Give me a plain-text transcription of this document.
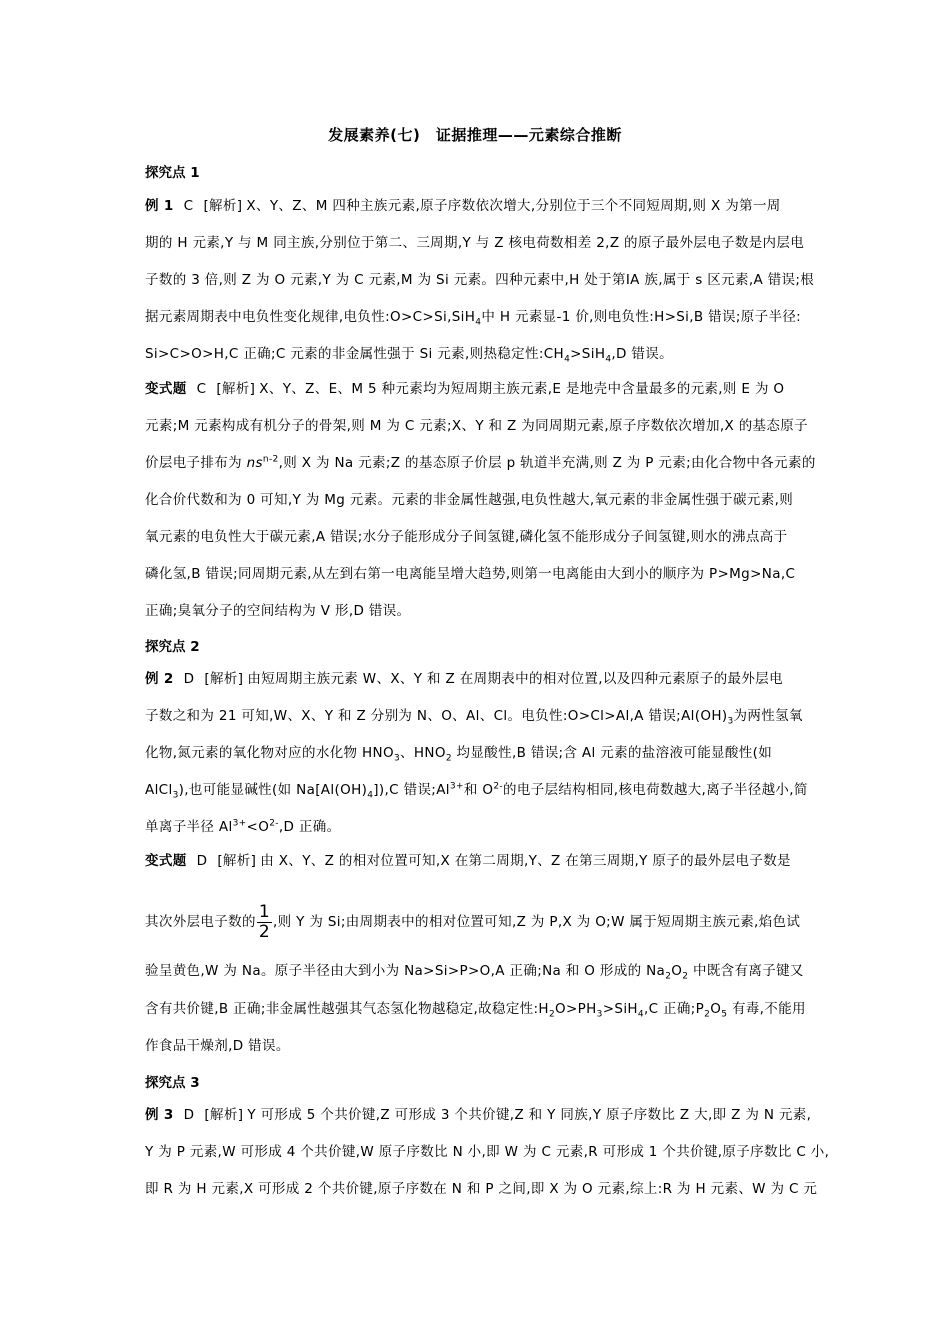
发展素养(七)　证据推理——元素综合推断
探究点 1
例 1 C [解析] X、Y、Z、M 四种主族元素,原子序数依次增大,分别位于三个不同短周期,则 X 为第一周
期的 H 元素,Y 与 M 同主族,分别位于第二、三周期,Y 与 Z 核电荷数相差 2,Z 的原子最外层电子数是内层电
子数的 3 倍,则 Z 为 O 元素,Y 为 C 元素,M 为 Si 元素。四种元素中,H 处于第ⅠA 族,属于 s 区元素,A 错误;根
据元素周期表中电负性变化规律,电负性:O>C>Si,SiH$_4$中 H 元素显-1 价,则电负性:H>Si,B 错误;原子半径:
Si>C>O>H,C 正确;C 元素的非金属性强于 Si 元素,则热稳定性$:CH_4>SiH_4,D$ 错误。
变式题 C [解析] X、Y、Z、E、M 5 种元素均为短周期主族元素,E 是地壳中含量最多的元素,则 E 为 O
元素;M 元素构成有机分子的骨架,则 M 为 C 元素;X、Y 和 Z 为同周期元素,原子序数依次增加,X 的基态原子
价层电子排布为 $ns^{n-2}$,则 X 为 Na 元素;Z 的基态原子价层 p 轨道半充满,则 Z 为 P 元素;由化合物中各元素的
化合价代数和为 0 可知,Y 为 Mg 元素。元素的非金属性越强,电负性越大,氧元素的非金属性强于碳元素,则
氧元素的电负性大于碳元素,A 错误;水分子能形成分子间氢键,磷化氢不能形成分子间氢键,则水的沸点高于
磷化氢,B 错误;同周期元素,从左到右第一电离能呈增大趋势,则第一电离能由大到小的顺序为 P>Mg>Na,C
正确;臭氧分子的空间结构为 V 形,D 错误。
探究点 2
例 2 D [解析] 由短周期主族元素 W、X、Y 和 Z 在周期表中的相对位置,以及四种元素原子的最外层电
子数之和为 21 可知,W、X、Y 和 Z 分别为 N、O、Al、Cl。电负性:O>Cl>Al,A 错误$;Al(OH)_3$为两性氢氧
化物,氮元素的氧化物对应的水化物 $HNO_3$、$HNO_2$ 均显酸性,B 错误;含 Al 元素的盐溶液可能显酸性(如
AlCl$_3$),也可能显碱性(如 $Na[Al(OH)_4]),C$ 错误$;Al^{3+}$和 $O^{2-}$的电子层结构相同,核电荷数越大,离子半径越小,简
单离子半径 $Al^{3+}<O^{2-},D$ 正确。
变式题 D [解析] 由 X、Y、Z 的相对位置可知,X 在第二周期,Y、Z 在第三周期,Y 原子的最外层电子数是
其次外层电子数的 $\frac{1}{2}$ ,则 Y 为 Si;由周期表中的相对位置可知,Z 为 P,X 为 O;W 属于短周期主族元素,焰色试
验呈黄色,W 为 Na。原子半径由大到小为 Na>Si>P>O,A 正确;Na 和 O 形成的 $Na_2O_2$ 中既含有离子键又
含有共价键,B 正确;非金属性越强其气态氢化物越稳定,故稳定性$:H_2O>PH_3>SiH_4,C$ 正确$;P_2O_5$ 有毒,不能用
作食品干燥剂,D 错误。
探究点 3
例 3 D [解析] Y 可形成 5 个共价键,Z 可形成 3 个共价键,Z 和 Y 同族,Y 原子序数比 Z 大,即 Z 为 N 元素,
Y 为 P 元素,W 可形成 4 个共价键,W 原子序数比 N 小,即 W 为 C 元素,R 可形成 1 个共价键,原子序数比 C 小,
即 R 为 H 元素,X 可形成 2 个共价键,原子序数在 N 和 P 之间,即 X 为 O 元素,综上:R 为 H 元素、W 为 C 元
